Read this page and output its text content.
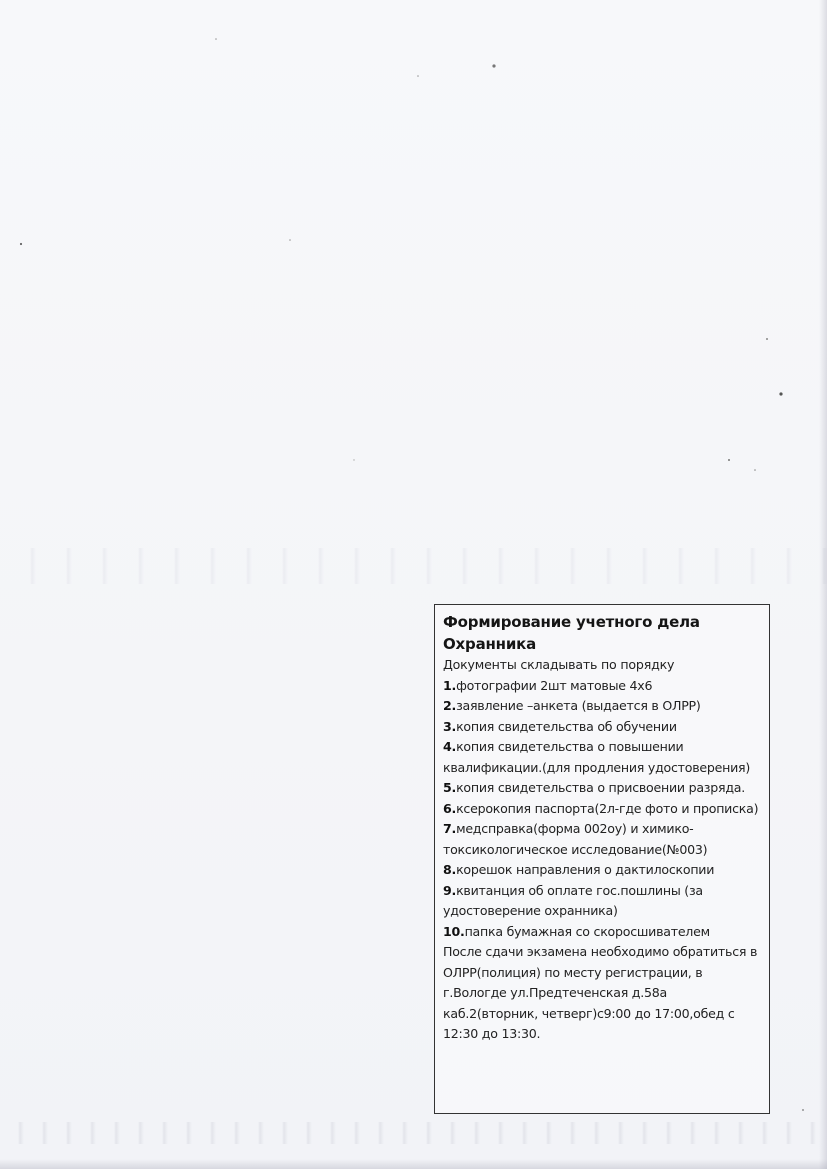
Формирование учетного дела
Охранника

Документы складывать по порядку

1.фотографии 2шт матовые 4х6
2.заявление –анкета (выдается в ОЛРР)
3.копия свидетельства об обучении
4.копия свидетельства о повышении квалификации.(для продления удостоверения)
5.копия свидетельства о присвоении разряда.
6.ксерокопия паспорта(2л-где фото и прописка)
7.медсправка(форма 002оу) и химико-токсикологическое исследование(№003)
8.корешок направления о дактилоскопии
9.квитанция об оплате гос.пошлины (за удостоверение охранника)
10.папка бумажная со скоросшивателем

После сдачи экзамена необходимо обратиться в ОЛРР(полиция) по месту регистрации, в г.Вологде ул.Предтеченская д.58а каб.2(вторник, четверг)с9:00 до 17:00,обед с 12:30 до 13:30.
